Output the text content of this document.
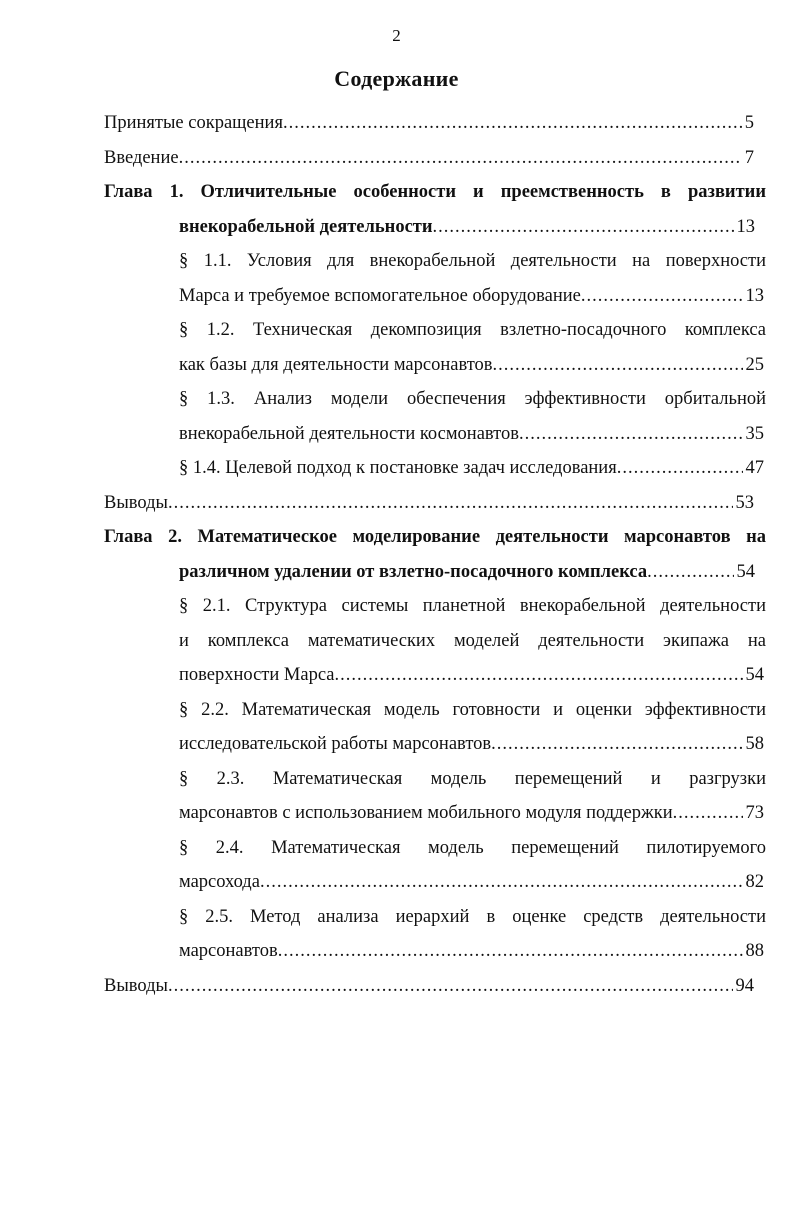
2
Содержание
Принятые сокращения .....	5
Введение .....	7
Глава 1. Отличительные особенности и преемственность в развитии
внекорабельной деятельности .....	13
§ 1.1. Условия для внекорабельной деятельности на поверхности
Марса и требуемое вспомогательное оборудование .....	13
§ 1.2. Техническая декомпозиция взлетно-посадочного комплекса
как базы для деятельности марсонавтов .....	25
§ 1.3. Анализ модели обеспечения эффективности орбитальной
внекорабельной деятельности космонавтов .....	35
§ 1.4. Целевой подход к постановке задач исследования .....	47
Выводы .....	53
Глава 2. Математическое моделирование деятельности марсонавтов на
различном удалении от взлетно-посадочного комплекса .....	54
§ 2.1. Структура системы планетной внекорабельной деятельности
и комплекса математических моделей деятельности экипажа на
поверхности Марса .....	54
§ 2.2. Математическая модель готовности и оценки эффективности
исследовательской работы марсонавтов .....	58
§ 2.3. Математическая модель перемещений и разгрузки
марсонавтов с использованием мобильного модуля поддержки .....	73
§ 2.4. Математическая модель перемещений пилотируемого
марсохода .....	82
§ 2.5. Метод анализа иерархий в оценке средств деятельности
марсонавтов .....	88
Выводы .....	94
